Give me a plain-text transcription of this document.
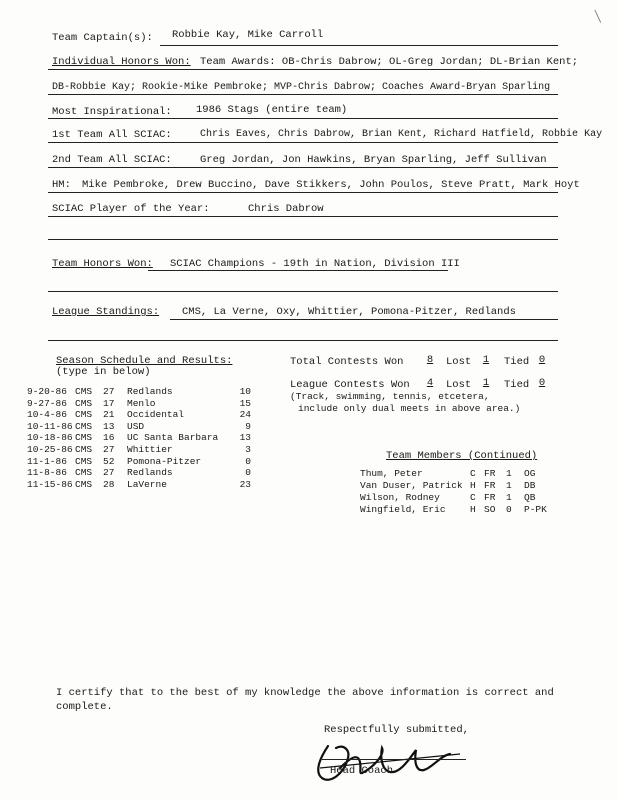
Team Captain(s): Robbie Kay, Mike Carroll
Individual Honors Won: Team Awards: OB-Chris Dabrow; OL-Greg Jordan; DL-Brian Kent;
DB-Robbie Kay; Rookie-Mike Pembroke; MVP-Chris Dabrow; Coaches Award-Bryan Sparling
Most Inspirational: 1986 Stags (entire team)
1st Team All SCIAC:	Chris Eaves, Chris Dabrow, Brian Kent, Richard Hatfield, Robbie Kay
2nd Team All SCIAC:	Greg Jordan, Jon Hawkins, Bryan Sparling, Jeff Sullivan
HM: Mike Pembroke, Drew Buccino, Dave Stikkers, John Poulos, Steve Pratt, Mark Hoyt
SCIAC Player of the Year:	Chris Dabrow
Team Honors Won: SCIAC Champions - 19th in Nation, Division III
League Standings: CMS, La Verne, Oxy, Whittier, Pomona-Pitzer, Redlands
Season Schedule and Results:
(type in below)
9-20-86	CMS	27	Redlands	10
9-27-86	CMS	17	Menlo	15
10-4-86	CMS	21	Occidental	24
10-11-86	CMS	13	USD	9
10-18-86	CMS	16	UC Santa Barbara	13
10-25-86	CMS	27	Whittier	3
11-1-86	CMS	52	Pomona-Pitzer	0
11-8-86	CMS	27	Redlands	0
11-15-86	CMS	28	LaVerne	23
Total Contests Won	8	Lost	1	Tied 0
League Contests Won	4	Lost	1	Tied 0
(Track, swimming, tennis, etcetera,
include only dual meets in above area.)
Team Members (Continued)
Thum, Peter	C	FR	1	OG
Van Duser, Patrick	H	FR	1	DB
Wilson, Rodney	C	FR	1	QB
Wingfield, Eric	H	SO	0	P-PK
I certify that to the best of my knowledge the above information is correct and
complete.
Respectfully submitted,
Head Coach
